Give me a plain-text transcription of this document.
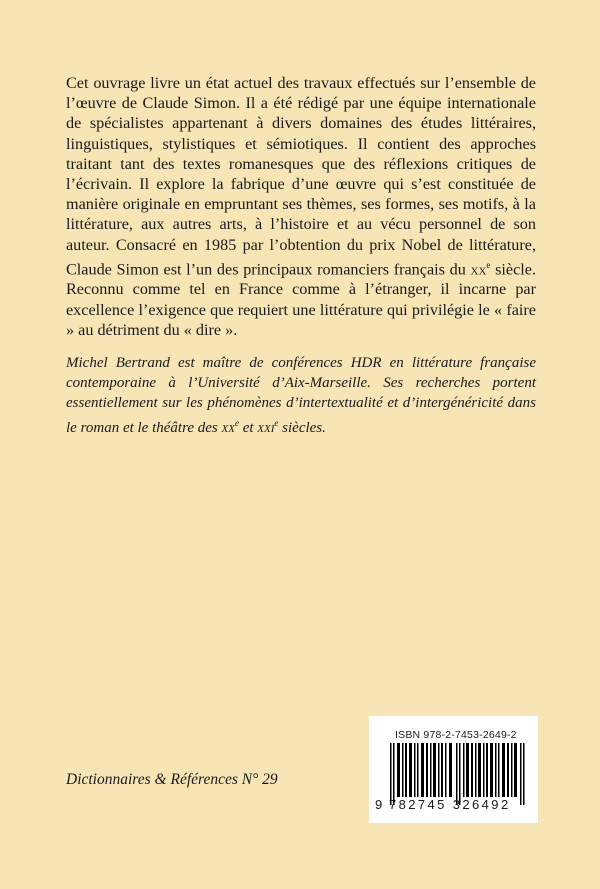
Cet ouvrage livre un état actuel des travaux effectués sur l’ensemble de l’œuvre de Claude Simon. Il a été rédigé par une équipe internationale de spécialistes appartenant à divers domaines des études littéraires, linguistiques, stylistiques et sémiotiques. Il contient des approches traitant tant des textes romanesques que des réflexions critiques de l’écrivain. Il explore la fabrique d’une œuvre qui s’est constituée de manière originale en empruntant ses thèmes, ses formes, ses motifs, à la littérature, aux autres arts, à l’histoire et au vécu personnel de son auteur. Consacré en 1985 par l’obtention du prix Nobel de littérature, Claude Simon est l’un des principaux romanciers français du $xx^e$ siècle. Reconnu comme tel en France comme à l’étranger, il incarne par excellence l’exigence que requiert une littérature qui privilégie le « faire » au détriment du « dire ».

Michel Bertrand est maître de conférences HDR en littérature française contemporaine à l’Université d’Aix-Marseille. Ses recherches portent essentiellement sur les phénomènes d’intertextualité et d’intergénéricité dans le roman et le théâtre des $xx^e$ et xxi$^e$ siècles.
Dictionnaires & Références N° 29
ISBN 978-2-7453-2649-2
9 782745 326492
